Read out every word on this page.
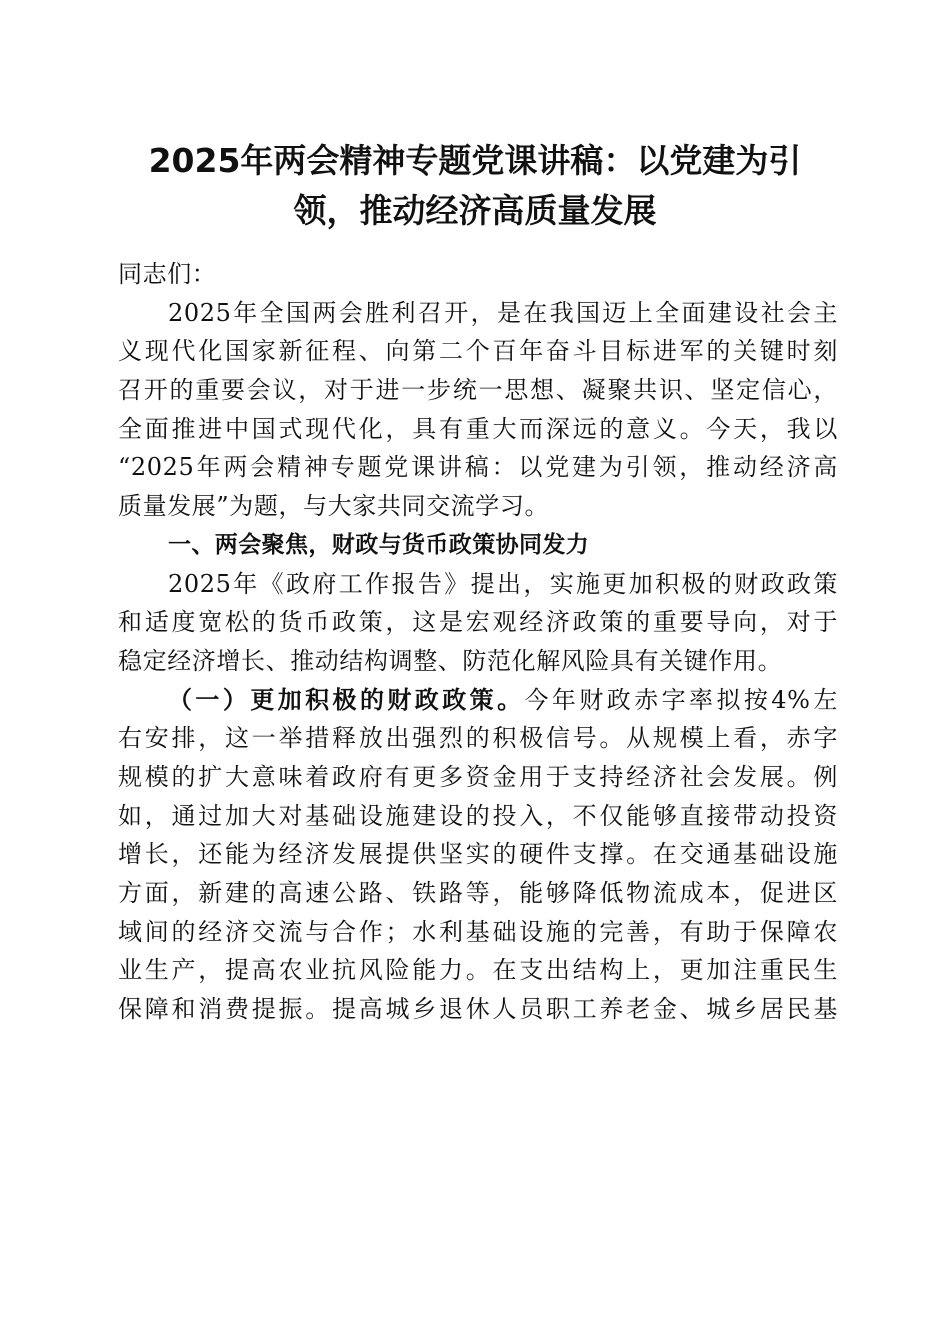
2025年两会精神专题党课讲稿：以党建为引
领，推动经济高质量发展
同志们：
2025年全国两会胜利召开，是在我国迈上全面建设社会主
义现代化国家新征程、向第二个百年奋斗目标进军的关键时刻
召开的重要会议，对于进一步统一思想、凝聚共识、坚定信心，
全面推进中国式现代化，具有重大而深远的意义。今天，我以
“2025年两会精神专题党课讲稿：以党建为引领，推动经济高
质量发展”为题，与大家共同交流学习。
一、两会聚焦，财政与货币政策协同发力
2025年《政府工作报告》提出，实施更加积极的财政政策
和适度宽松的货币政策，这是宏观经济政策的重要导向，对于
稳定经济增长、推动结构调整、防范化解风险具有关键作用。
（一）更加积极的财政政策。今年财政赤字率拟按4%左
右安排，这一举措释放出强烈的积极信号。从规模上看，赤字
规模的扩大意味着政府有更多资金用于支持经济社会发展。例
如，通过加大对基础设施建设的投入，不仅能够直接带动投资
增长，还能为经济发展提供坚实的硬件支撑。在交通基础设施
方面，新建的高速公路、铁路等，能够降低物流成本，促进区
域间的经济交流与合作；水利基础设施的完善，有助于保障农
业生产，提高农业抗风险能力。在支出结构上，更加注重民生
保障和消费提振。提高城乡退休人员职工养老金、城乡居民基
